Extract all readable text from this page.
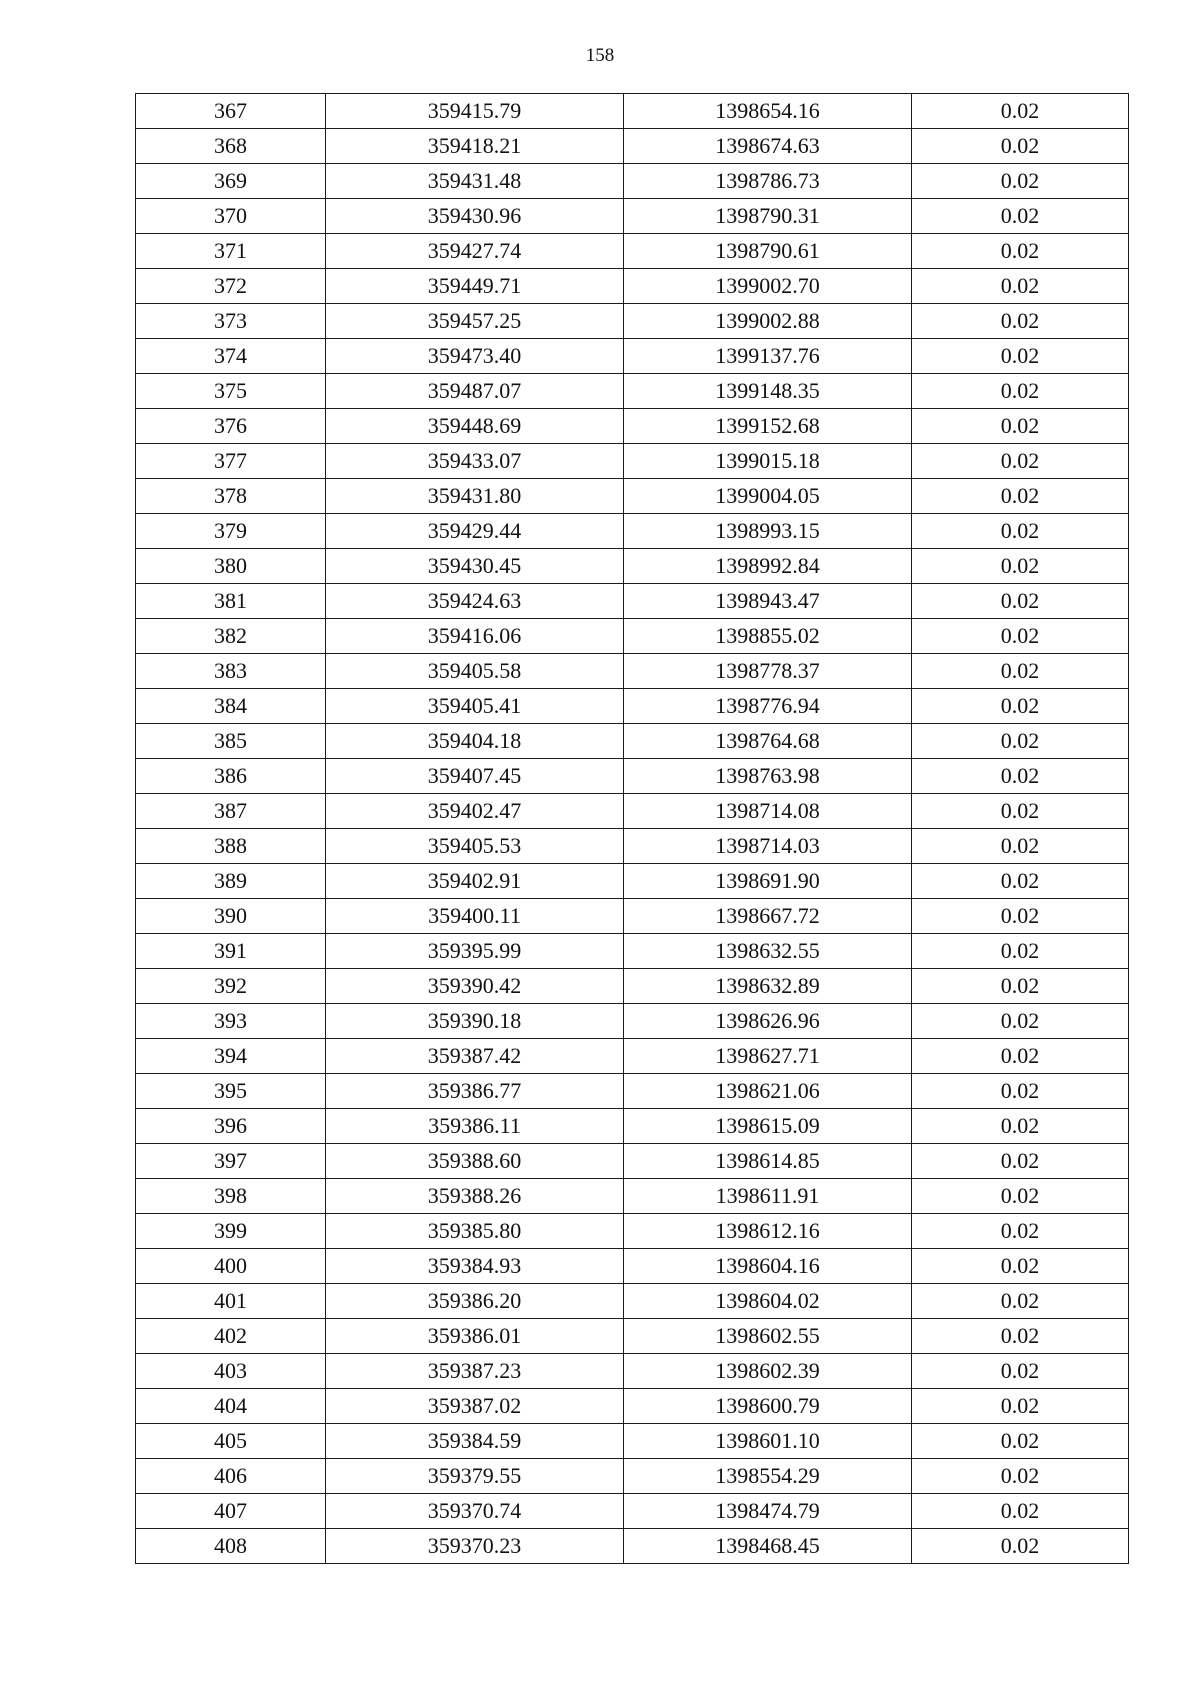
158
367	359415.79	1398654.16	0.02
368	359418.21	1398674.63	0.02
369	359431.48	1398786.73	0.02
370	359430.96	1398790.31	0.02
371	359427.74	1398790.61	0.02
372	359449.71	1399002.70	0.02
373	359457.25	1399002.88	0.02
374	359473.40	1399137.76	0.02
375	359487.07	1399148.35	0.02
376	359448.69	1399152.68	0.02
377	359433.07	1399015.18	0.02
378	359431.80	1399004.05	0.02
379	359429.44	1398993.15	0.02
380	359430.45	1398992.84	0.02
381	359424.63	1398943.47	0.02
382	359416.06	1398855.02	0.02
383	359405.58	1398778.37	0.02
384	359405.41	1398776.94	0.02
385	359404.18	1398764.68	0.02
386	359407.45	1398763.98	0.02
387	359402.47	1398714.08	0.02
388	359405.53	1398714.03	0.02
389	359402.91	1398691.90	0.02
390	359400.11	1398667.72	0.02
391	359395.99	1398632.55	0.02
392	359390.42	1398632.89	0.02
393	359390.18	1398626.96	0.02
394	359387.42	1398627.71	0.02
395	359386.77	1398621.06	0.02
396	359386.11	1398615.09	0.02
397	359388.60	1398614.85	0.02
398	359388.26	1398611.91	0.02
399	359385.80	1398612.16	0.02
400	359384.93	1398604.16	0.02
401	359386.20	1398604.02	0.02
402	359386.01	1398602.55	0.02
403	359387.23	1398602.39	0.02
404	359387.02	1398600.79	0.02
405	359384.59	1398601.10	0.02
406	359379.55	1398554.29	0.02
407	359370.74	1398474.79	0.02
408	359370.23	1398468.45	0.02
